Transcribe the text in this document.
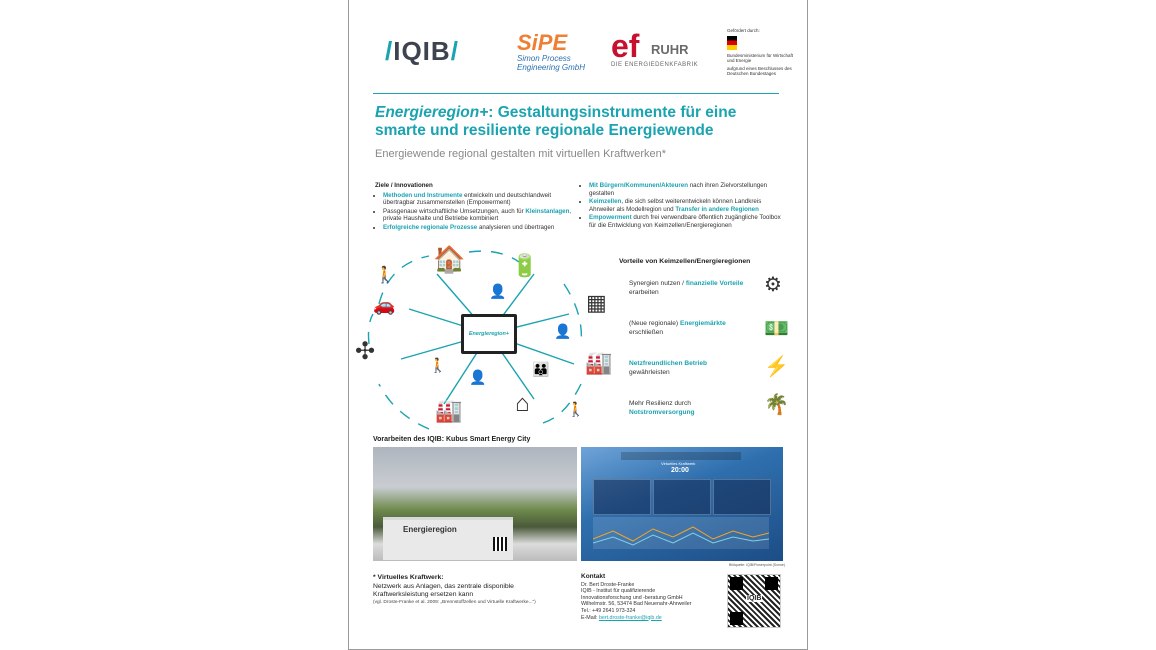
/IQIB/	SiPE
Simon Process
Engineering GmbH
ef RUHR
DIE ENERGIEDENKFABRIK
Gefördert durch:
Bundesministerium für Wirtschaft und Energie
aufgrund eines Beschlusses des Deutschen Bundestages
Energieregion+: Gestaltungsinstrumente für eine smarte und resiliente regionale Energiewende
Energiewende regional gestalten mit virtuellen Kraftwerken*
Ziele / Innovationen
• Methoden und Instrumente entwickeln und deutschlandweit übertragbar zusammenstellen (Empowerment)
• Passgenaue wirtschaftliche Umsetzungen, auch für Kleinstanlagen, private Haushalte und Betriebe kombiniert
• Erfolgreiche regionale Prozesse analysieren und übertragen
• Mit Bürgern/Kommunen/Akteuren nach ihren Zielvorstellungen gestalten
• Keimzellen, die sich selbst weiterentwickeln können Landkreis Ahrweiler als Modellregion und Transfer in andere Regionen
• Empowerment durch frei verwendbare öffentlich zugängliche Toolbox für die Entwicklung von Keimzellen/Energieregionen
Energieregion+
🏠 🔋
▦
🏭
⌂
🏭
✣
🚗
🚶
👤
👤
👪
👤
🚶
🚶
Vorteile von Keimzellen/Energieregionen
Synergien nutzen / finanzielle Vorteile erarbeiten	⚙
(Neue regionale) Energiemärkte erschließen	💵
Netzfreundlichen Betrieb gewährleisten	⚡
Mehr Resilienz durch Notstromversorgung	🌴
Vorarbeiten des IQIB: Kubus Smart Energy City
Energieregion
Virtuelles Kraftwerk
20:00
Bildquelle: IQIB/Powerpoint (Sonne)
* Virtuelles Kraftwerk:
Netzwerk aus Anlagen, das zentrale disponible Kraftwerksleistung ersetzen kann
(vgl. Droste-Franke et al. 2009: „Brennstoffzellen und Virtuelle Kraftwerke...“)
Kontakt
Dr. Bert Droste-Franke
IQIB - Institut für qualifizierende
Innovationsforschung und -beratung GmbH
Wilhelmstr. 56, 53474 Bad Neuenahr-Ahrweiler
Tel.: +49 2641 973-324
E-Mail: bert.droste-franke@iqib.de
IQIB
